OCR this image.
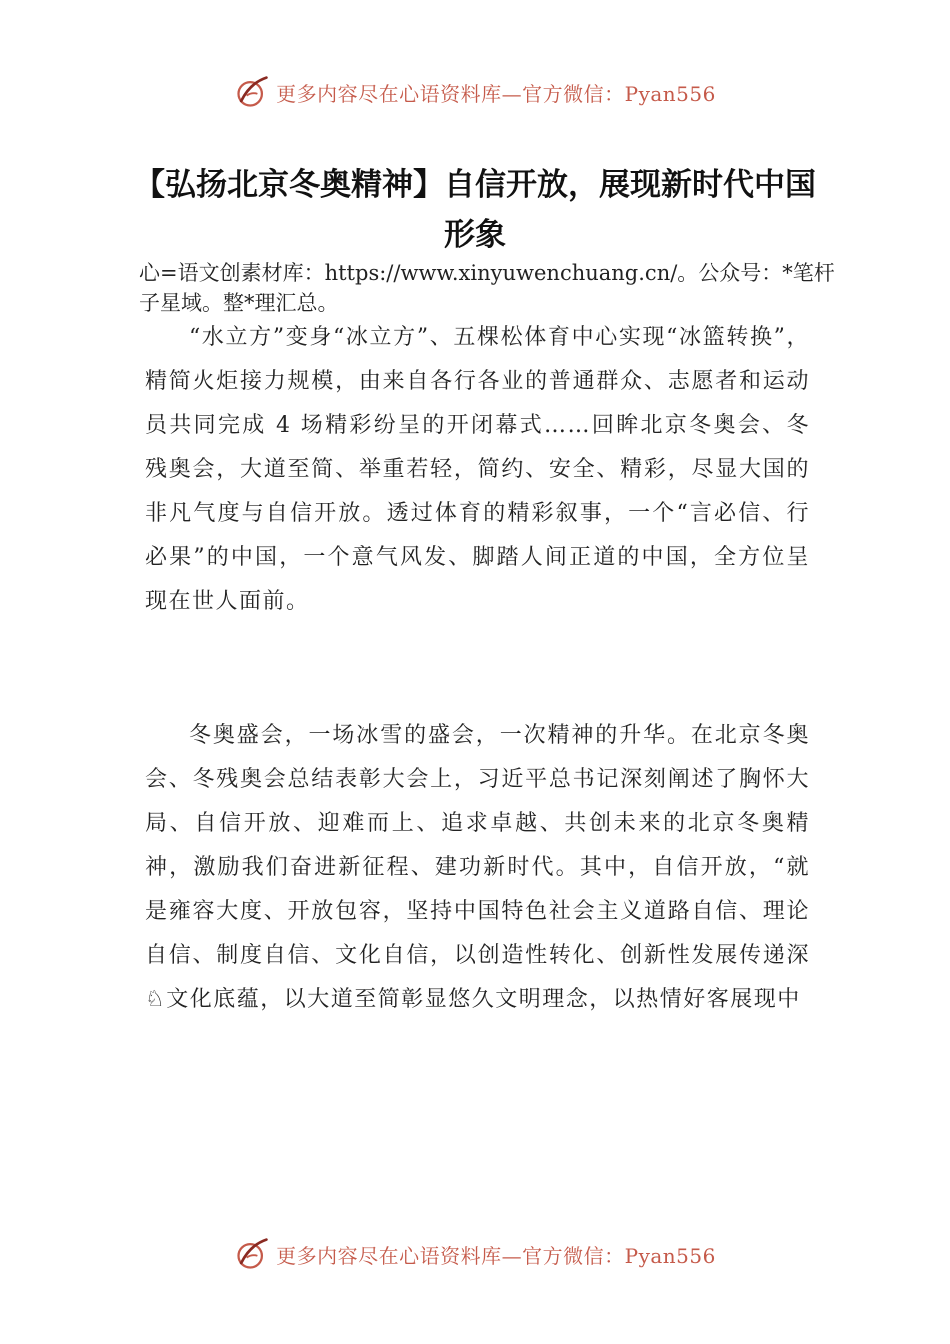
更多内容尽在心语资料库—官方微信：Pyan556
【弘扬北京冬奥精神】自信开放，展现新时代中国形象

心=语文创素材库：https://www.xinyuwenchuang.cn/。公众号：*笔杆子星域。整*理汇总。

“水立方”变身“冰立方”、五棵松体育中心实现“冰篮转换”，精简火炬接力规模，由来自各行各业的普通群众、志愿者和运动员共同完成 4 场精彩纷呈的开闭幕式……回眸北京冬奥会、冬残奥会，大道至简、举重若轻，简约、安全、精彩，尽显大国的非凡气度与自信开放。透过体育的精彩叙事，一个“言必信、行必果”的中国，一个意气风发、脚踏人间正道的中国，全方位呈现在世人面前。

冬奥盛会，一场冰雪的盛会，一次精神的升华。在北京冬奥会、冬残奥会总结表彰大会上，习近平总书记深刻阐述了胸怀大局、自信开放、迎难而上、追求卓越、共创未来的北京冬奥精神，激励我们奋进新征程、建功新时代。其中，自信开放，“就是雍容大度、开放包容，坚持中国特色社会主义道路自信、理论自信、制度自信、文化自信，以创造性转化、创新性发展传递深♘文化底蕴，以大道至简彰显悠久文明理念，以热情好客展现中

更多内容尽在心语资料库—官方微信：Pyan556
